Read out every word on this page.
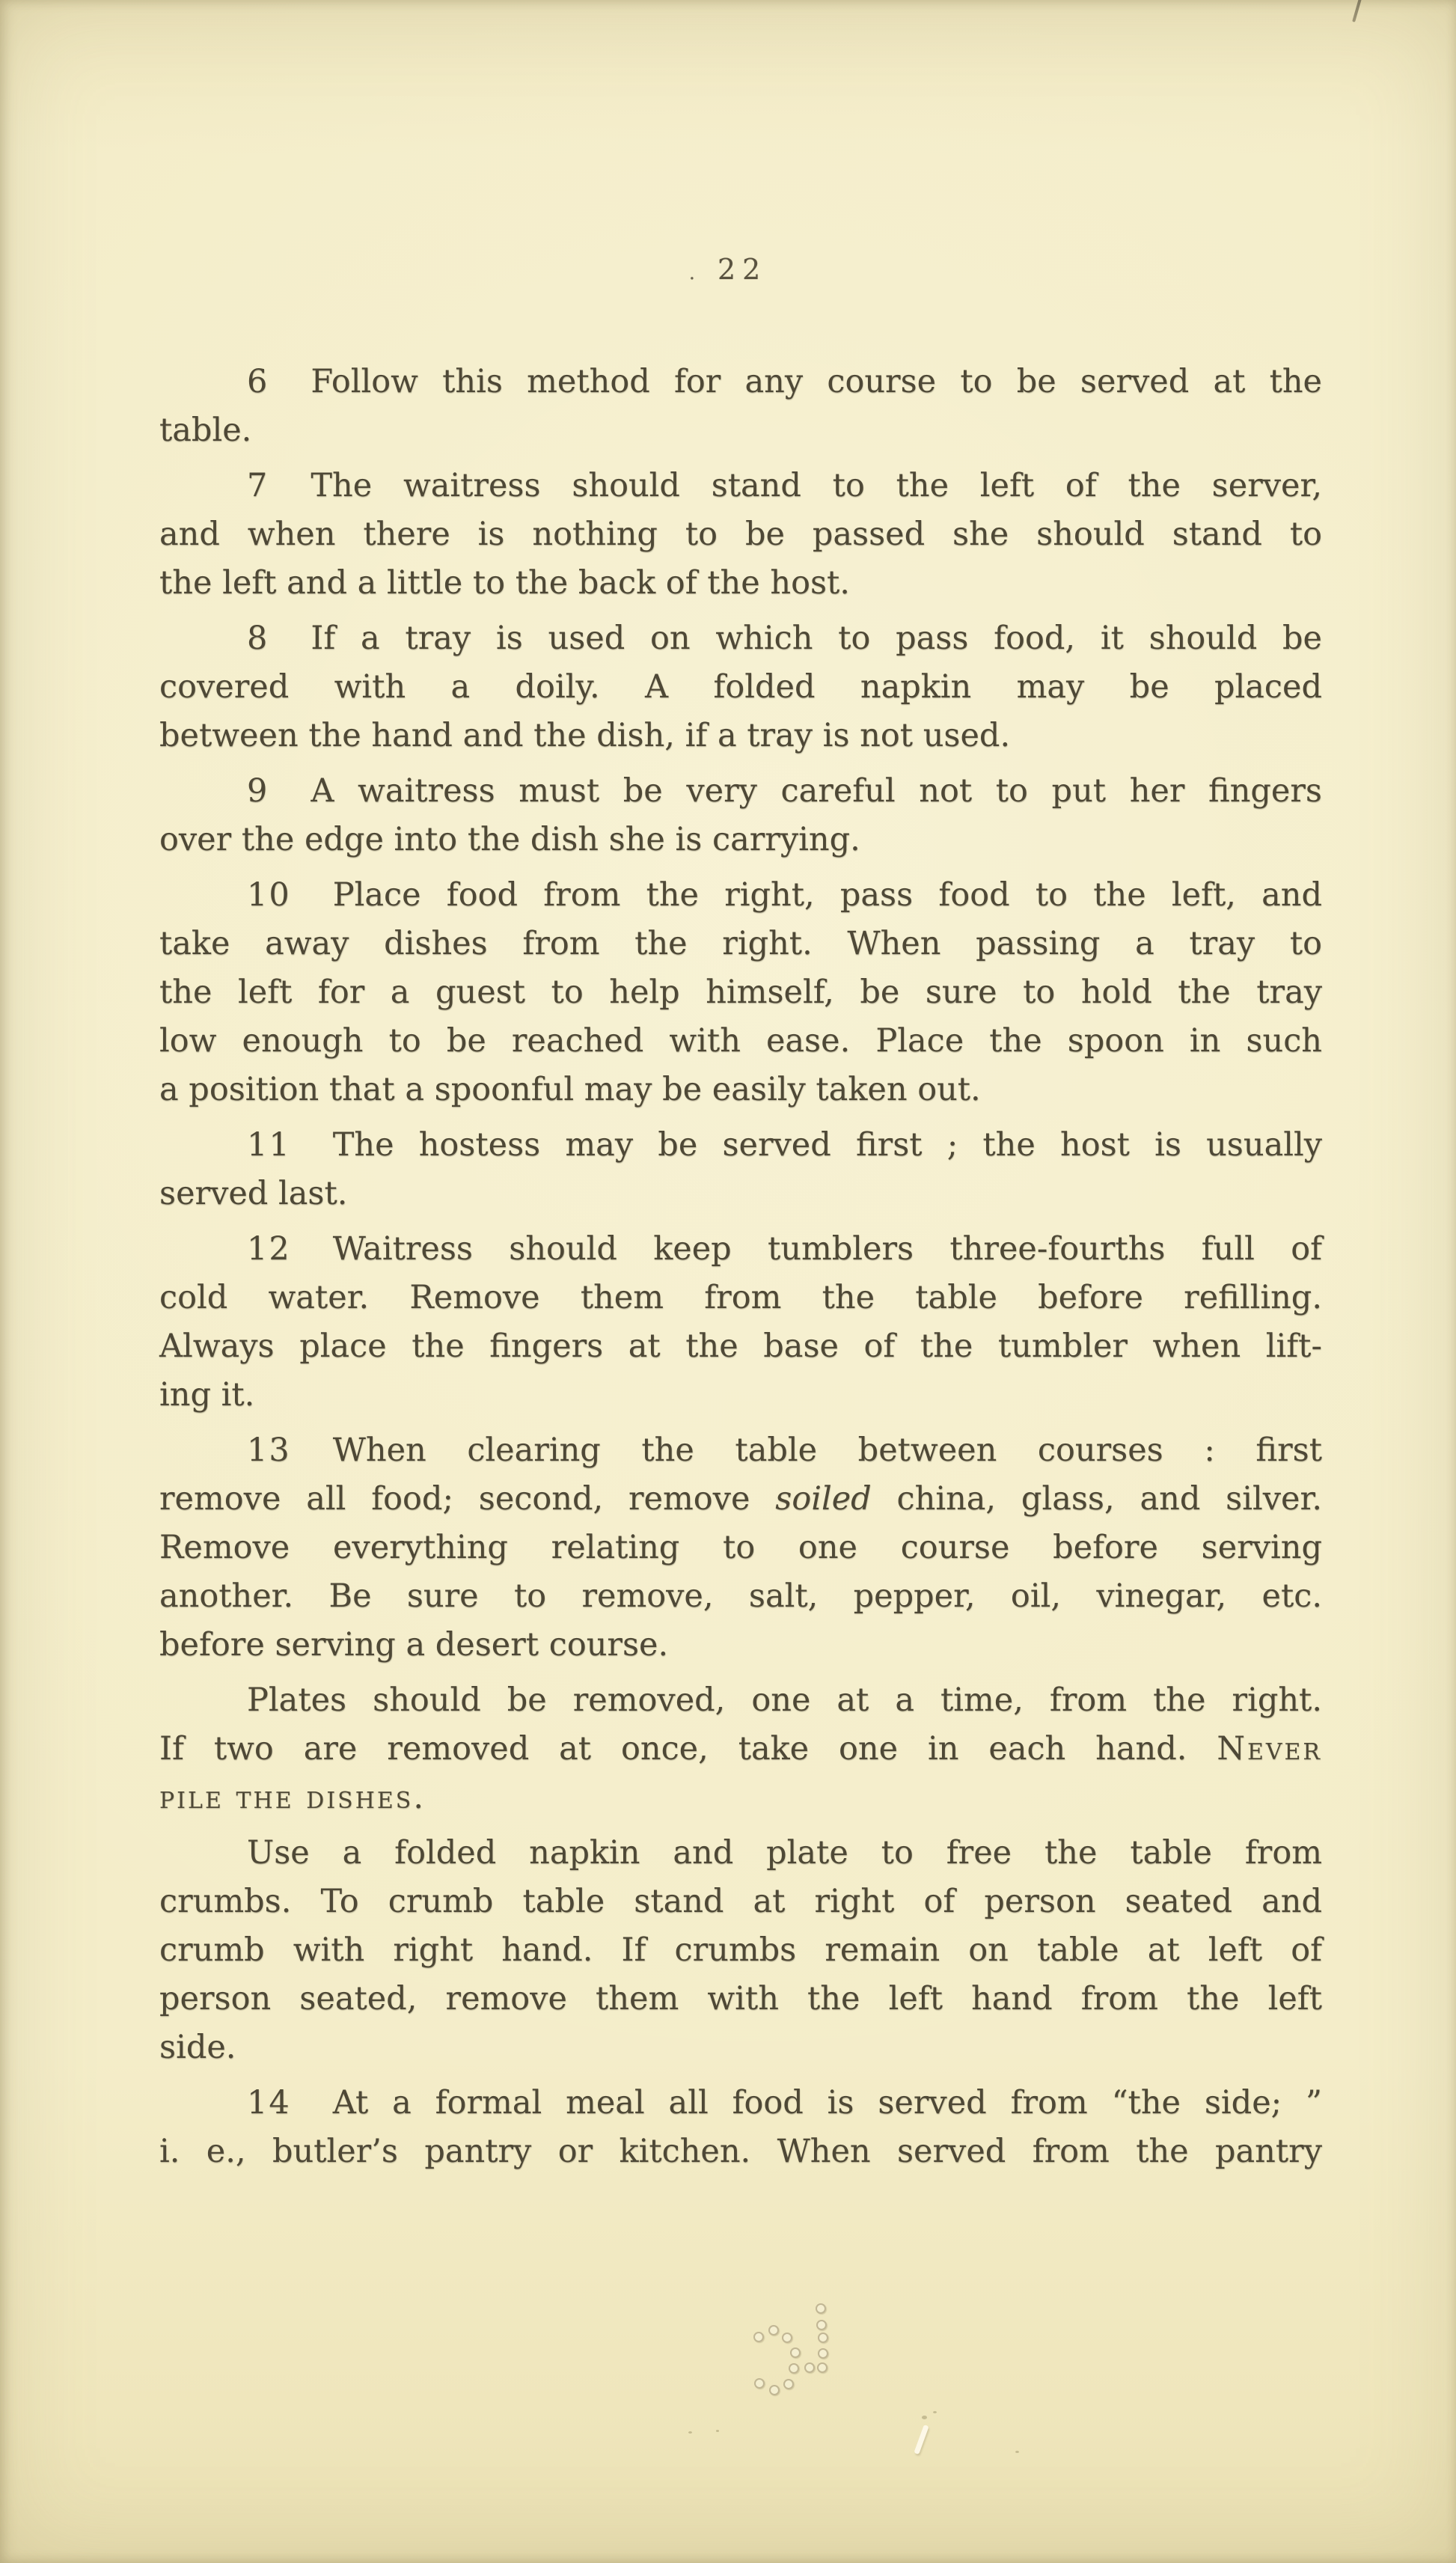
. 22
6 Follow this method for any course to be served at the
table.
7 The waitress should stand to the left of the server,
and when there is nothing to be passed she should stand to
the left and a little to the back of the host.
8 If a tray is used on which to pass food, it should be
covered with a doily. A folded napkin may be placed
between the hand and the dish, if a tray is not used.
9 A waitress must be very careful not to put her fingers
over the edge into the dish she is carrying.
10 Place food from the right, pass food to the left, and
take away dishes from the right. When passing a tray to
the left for a guest to help himself, be sure to hold the tray
low enough to be reached with ease. Place the spoon in such
a position that a spoonful may be easily taken out.
11 The hostess may be served first ; the host is usually
served last.
12 Waitress should keep tumblers three-fourths full of
cold water. Remove them from the table before refilling.
Always place the fingers at the base of the tumbler when lift-
ing it.
13 When clearing the table between courses : first
remove all food; second, remove soiled china, glass, and silver.
Remove everything relating to one course before serving
another. Be sure to remove, salt, pepper, oil, vinegar, etc.
before serving a desert course.
Plates should be removed, one at a time, from the right.
If two are removed at once, take one in each hand. Never
pile the dishes.
Use a folded napkin and plate to free the table from
crumbs. To crumb table stand at right of person seated and
crumb with right hand. If crumbs remain on table at left of
person seated, remove them with the left hand from the left
side.
14 At a formal meal all food is served from “the side; ”
i. e., butler’s pantry or kitchen. When served from the pantry
